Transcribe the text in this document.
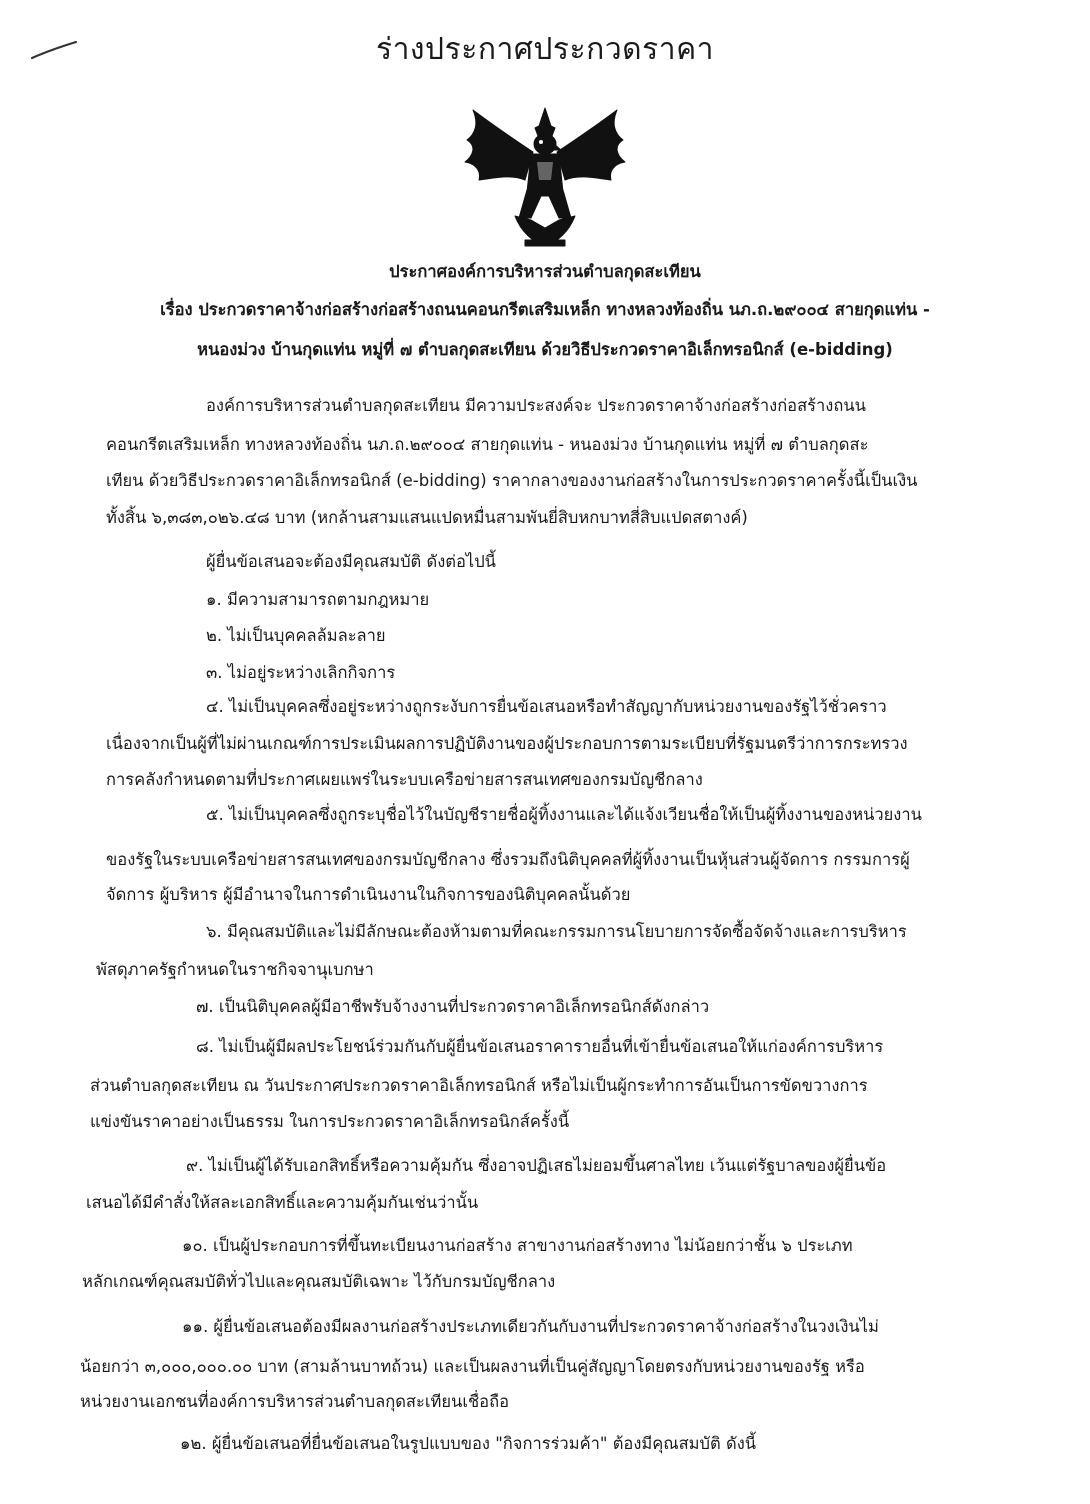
ร่างประกาศประกวดราคา
ประกาศองค์การบริหารส่วนตำบลกุดสะเทียน
เรื่อง ประกวดราคาจ้างก่อสร้างก่อสร้างถนนคอนกรีตเสริมเหล็ก ทางหลวงท้องถิ่น นภ.ถ.๒๙๐๐๔ สายกุดแท่น -
หนองม่วง บ้านกุดแท่น หมู่ที่ ๗ ตำบลกุดสะเทียน ด้วยวิธีประกวดราคาอิเล็กทรอนิกส์ (e-bidding)
องค์การบริหารส่วนตำบลกุดสะเทียน มีความประสงค์จะ ประกวดราคาจ้างก่อสร้างก่อสร้างถนน
คอนกรีตเสริมเหล็ก ทางหลวงท้องถิ่น นภ.ถ.๒๙๐๐๔ สายกุดแท่น - หนองม่วง บ้านกุดแท่น หมู่ที่ ๗ ตำบลกุดสะ
เทียน ด้วยวิธีประกวดราคาอิเล็กทรอนิกส์ (e-bidding) ราคากลางของงานก่อสร้างในการประกวดราคาครั้งนี้เป็นเงิน
ทั้งสิ้น ๖,๓๘๓,๐๒๖.๔๘ บาท (หกล้านสามแสนแปดหมื่นสามพันยี่สิบหกบาทสี่สิบแปดสตางค์)
ผู้ยื่นข้อเสนอจะต้องมีคุณสมบัติ ดังต่อไปนี้
๑. มีความสามารถตามกฎหมาย
๒. ไม่เป็นบุคคลล้มละลาย
๓. ไม่อยู่ระหว่างเลิกกิจการ
๔. ไม่เป็นบุคคลซึ่งอยู่ระหว่างถูกระงับการยื่นข้อเสนอหรือทำสัญญากับหน่วยงานของรัฐไว้ชั่วคราว
เนื่องจากเป็นผู้ที่ไม่ผ่านเกณฑ์การประเมินผลการปฏิบัติงานของผู้ประกอบการตามระเบียบที่รัฐมนตรีว่าการกระทรวง
การคลังกำหนดตามที่ประกาศเผยแพร่ในระบบเครือข่ายสารสนเทศของกรมบัญชีกลาง
๕. ไม่เป็นบุคคลซึ่งถูกระบุชื่อไว้ในบัญชีรายชื่อผู้ทิ้งงานและได้แจ้งเวียนชื่อให้เป็นผู้ทิ้งงานของหน่วยงาน
ของรัฐในระบบเครือข่ายสารสนเทศของกรมบัญชีกลาง ซึ่งรวมถึงนิติบุคคลที่ผู้ทิ้งงานเป็นหุ้นส่วนผู้จัดการ กรรมการผู้
จัดการ ผู้บริหาร ผู้มีอำนาจในการดำเนินงานในกิจการของนิติบุคคลนั้นด้วย
๖. มีคุณสมบัติและไม่มีลักษณะต้องห้ามตามที่คณะกรรมการนโยบายการจัดซื้อจัดจ้างและการบริหาร
พัสดุภาครัฐกำหนดในราชกิจจานุเบกษา
๗. เป็นนิติบุคคลผู้มีอาชีพรับจ้างงานที่ประกวดราคาอิเล็กทรอนิกส์ดังกล่าว
๘. ไม่เป็นผู้มีผลประโยชน์ร่วมกันกับผู้ยื่นข้อเสนอราคารายอื่นที่เข้ายื่นข้อเสนอให้แก่องค์การบริหาร
ส่วนตำบลกุดสะเทียน ณ วันประกาศประกวดราคาอิเล็กทรอนิกส์ หรือไม่เป็นผู้กระทำการอันเป็นการขัดขวางการ
แข่งขันราคาอย่างเป็นธรรม ในการประกวดราคาอิเล็กทรอนิกส์ครั้งนี้
๙. ไม่เป็นผู้ได้รับเอกสิทธิ์หรือความคุ้มกัน ซึ่งอาจปฏิเสธไม่ยอมขึ้นศาลไทย เว้นแต่รัฐบาลของผู้ยื่นข้อ
เสนอได้มีคำสั่งให้สละเอกสิทธิ์และความคุ้มกันเช่นว่านั้น
๑๐. เป็นผู้ประกอบการที่ขึ้นทะเบียนงานก่อสร้าง สาขางานก่อสร้างทาง ไม่น้อยกว่าชั้น ๖ ประเภท
หลักเกณฑ์คุณสมบัติทั่วไปและคุณสมบัติเฉพาะ ไว้กับกรมบัญชีกลาง
๑๑. ผู้ยื่นข้อเสนอต้องมีผลงานก่อสร้างประเภทเดียวกันกับงานที่ประกวดราคาจ้างก่อสร้างในวงเงินไม่
น้อยกว่า ๓,๐๐๐,๐๐๐.๐๐ บาท (สามล้านบาทถ้วน) และเป็นผลงานที่เป็นคู่สัญญาโดยตรงกับหน่วยงานของรัฐ หรือ
หน่วยงานเอกชนที่องค์การบริหารส่วนตำบลกุดสะเทียนเชื่อถือ
๑๒. ผู้ยื่นข้อเสนอที่ยื่นข้อเสนอในรูปแบบของ "กิจการร่วมค้า" ต้องมีคุณสมบัติ ดังนี้
